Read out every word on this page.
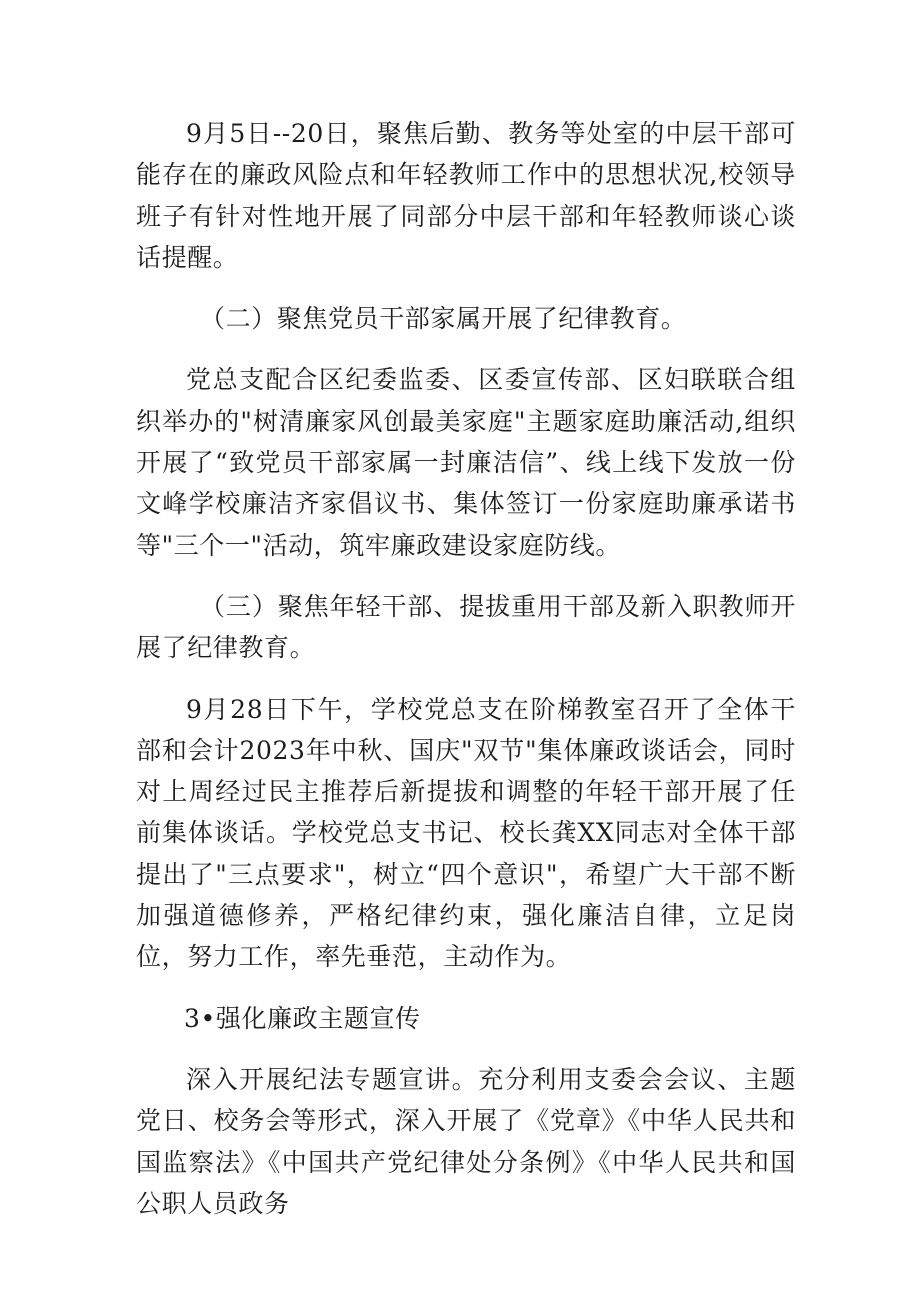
9月5日--20日，聚焦后勤、教务等处室的中层干部可能存在的廉政风险点和年轻教师工作中的思想状况,校领导班子有针对性地开展了同部分中层干部和年轻教师谈心谈话提醒。

（二）聚焦党员干部家属开展了纪律教育。

党总支配合区纪委监委、区委宣传部、区妇联联合组织举办的"树清廉家风创最美家庭"主题家庭助廉活动,组织开展了“致党员干部家属一封廉洁信”、线上线下发放一份文峰学校廉洁齐家倡议书、集体签订一份家庭助廉承诺书等"三个一"活动，筑牢廉政建设家庭防线。

（三）聚焦年轻干部、提拔重用干部及新入职教师开展了纪律教育。

9月28日下午，学校党总支在阶梯教室召开了全体干部和会计2023年中秋、国庆"双节"集体廉政谈话会，同时对上周经过民主推荐后新提拔和调整的年轻干部开展了任前集体谈话。学校党总支书记、校长龚XX同志对全体干部提出了"三点要求"，树立“四个意识"，希望广大干部不断加强道德修养，严格纪律约束，强化廉洁自律，立足岗位，努力工作，率先垂范，主动作为。

3•强化廉政主题宣传

深入开展纪法专题宣讲。充分利用支委会会议、主题党日、校务会等形式，深入开展了《党章》《中华人民共和国监察法》《中国共产党纪律处分条例》《中华人民共和国公职人员政务
